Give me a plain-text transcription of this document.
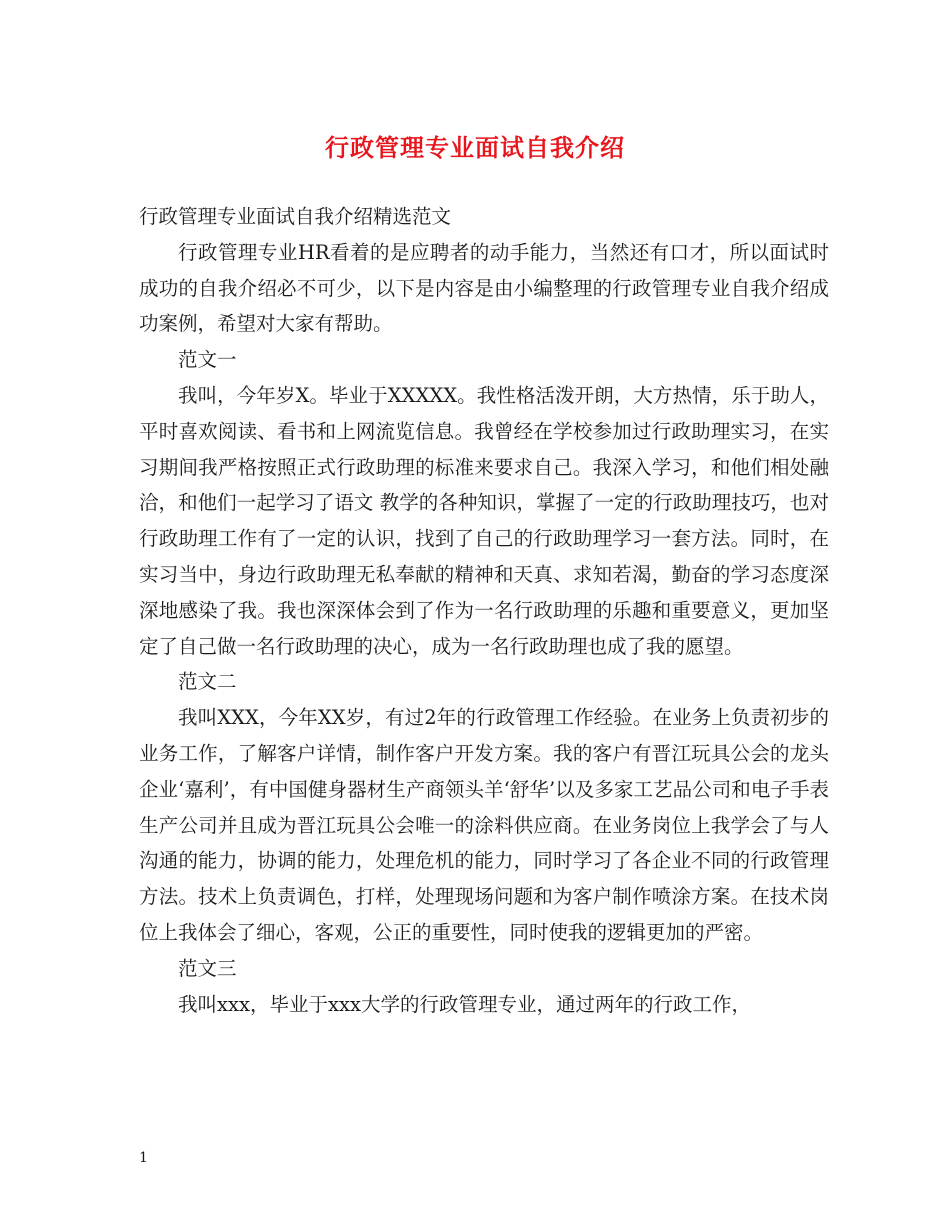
行政管理专业面试自我介绍

行政管理专业面试自我介绍精选范文

行政管理专业HR看着的是应聘者的动手能力，当然还有口才，所以面试时成功的自我介绍必不可少，以下是内容是由小编整理的行政管理专业自我介绍成功案例，希望对大家有帮助。

范文一

我叫，今年岁X。毕业于XXXXX。我性格活泼开朗，大方热情，乐于助人，平时喜欢阅读、看书和上网流览信息。我曾经在学校参加过行政助理实习，在实习期间我严格按照正式行政助理的标准来要求自己。我深入学习，和他们相处融洽，和他们一起学习了语文 教学的各种知识，掌握了一定的行政助理技巧，也对行政助理工作有了一定的认识，找到了自己的行政助理学习一套方法。同时，在实习当中，身边行政助理无私奉献的精神和天真、求知若渴，勤奋的学习态度深深地感染了我。我也深深体会到了作为一名行政助理的乐趣和重要意义，更加坚定了自己做一名行政助理的决心，成为一名行政助理也成了我的愿望。

范文二

我叫XXX，今年XX岁，有过2年的行政管理工作经验。在业务上负责初步的业务工作，了解客户详情，制作客户开发方案。我的客户有晋江玩具公会的龙头企业‘嘉利’，有中国健身器材生产商领头羊‘舒华’以及多家工艺品公司和电子手表生产公司并且成为晋江玩具公会唯一的涂料供应商。在业务岗位上我学会了与人沟通的能力，协调的能力，处理危机的能力，同时学习了各企业不同的行政管理方法。技术上负责调色，打样，处理现场问题和为客户制作喷涂方案。在技术岗位上我体会了细心，客观，公正的重要性，同时使我的逻辑更加的严密。

范文三

我叫xxx，毕业于xxx大学的行政管理专业，通过两年的行政工作，

1
